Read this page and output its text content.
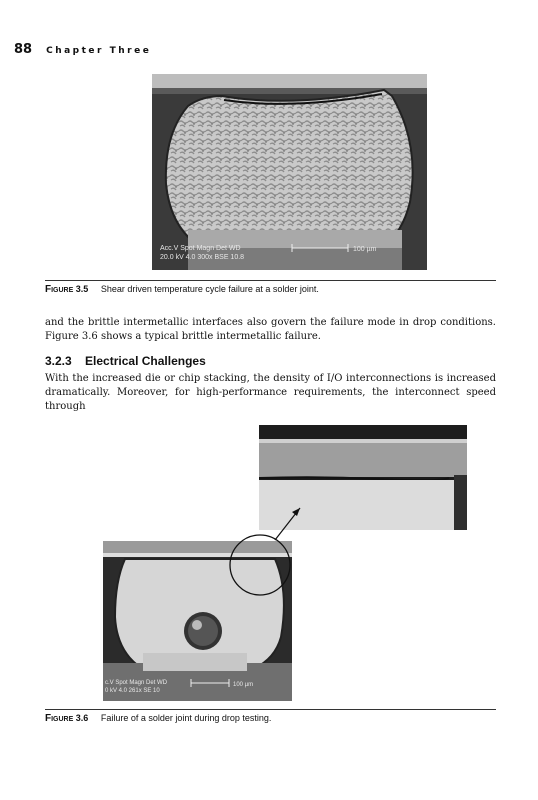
88 Chapter Three
Acc.V Spot Magn Det WD
20.0 kV 4.0 300x BSE 10.8
100 µm
Figure 3.5 Shear driven temperature cycle failure at a solder joint.
and the brittle intermetallic interfaces also govern the failure mode in drop conditions. Figure 3.6 shows a typical brittle intermetallic failure.
3.2.3 Electrical Challenges
With the increased die or chip stacking, the density of I/O interconnections is increased dramatically. Moreover, for high-performance requirements, the interconnect speed through
c.V Spot Magn Det WD
0 kV 4.0 261x SE 10
100 µm
Figure 3.6 Failure of a solder joint during drop testing.
